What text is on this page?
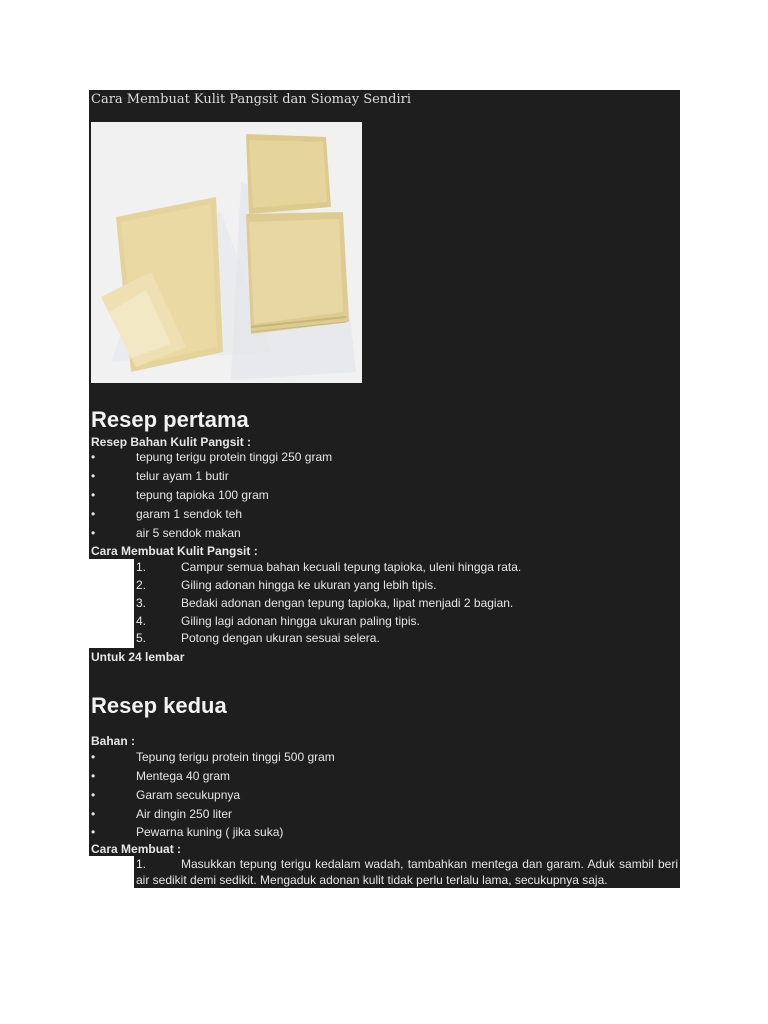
Cara Membuat Kulit Pangsit dan Siomay Sendiri
Resep pertama
Resep Bahan Kulit Pangsit :
•	tepung terigu protein tinggi 250 gram
•	telur ayam 1 butir
•	tepung tapioka 100 gram
•	garam 1 sendok teh
•	air 5 sendok makan
Cara Membuat Kulit Pangsit :
1.	Campur semua bahan kecuali tepung tapioka, uleni hingga rata.
2.	Giling adonan hingga ke ukuran yang lebih tipis.
3.	Bedaki adonan dengan tepung tapioka, lipat menjadi 2 bagian.
4.	Giling lagi adonan hingga ukuran paling tipis.
5.	Potong dengan ukuran sesuai selera.
Untuk 24 lembar
Resep kedua
Bahan :
•	Tepung terigu protein tinggi 500 gram
•	Mentega 40 gram
•	Garam secukupnya
•	Air dingin 250 liter
•	Pewarna kuning ( jika suka)
Cara Membuat :
1.	Masukkan tepung terigu kedalam wadah, tambahkan mentega dan garam. Aduk sambil beri air sedikit demi sedikit. Mengaduk adonan kulit tidak perlu terlalu lama, secukupnya saja.
